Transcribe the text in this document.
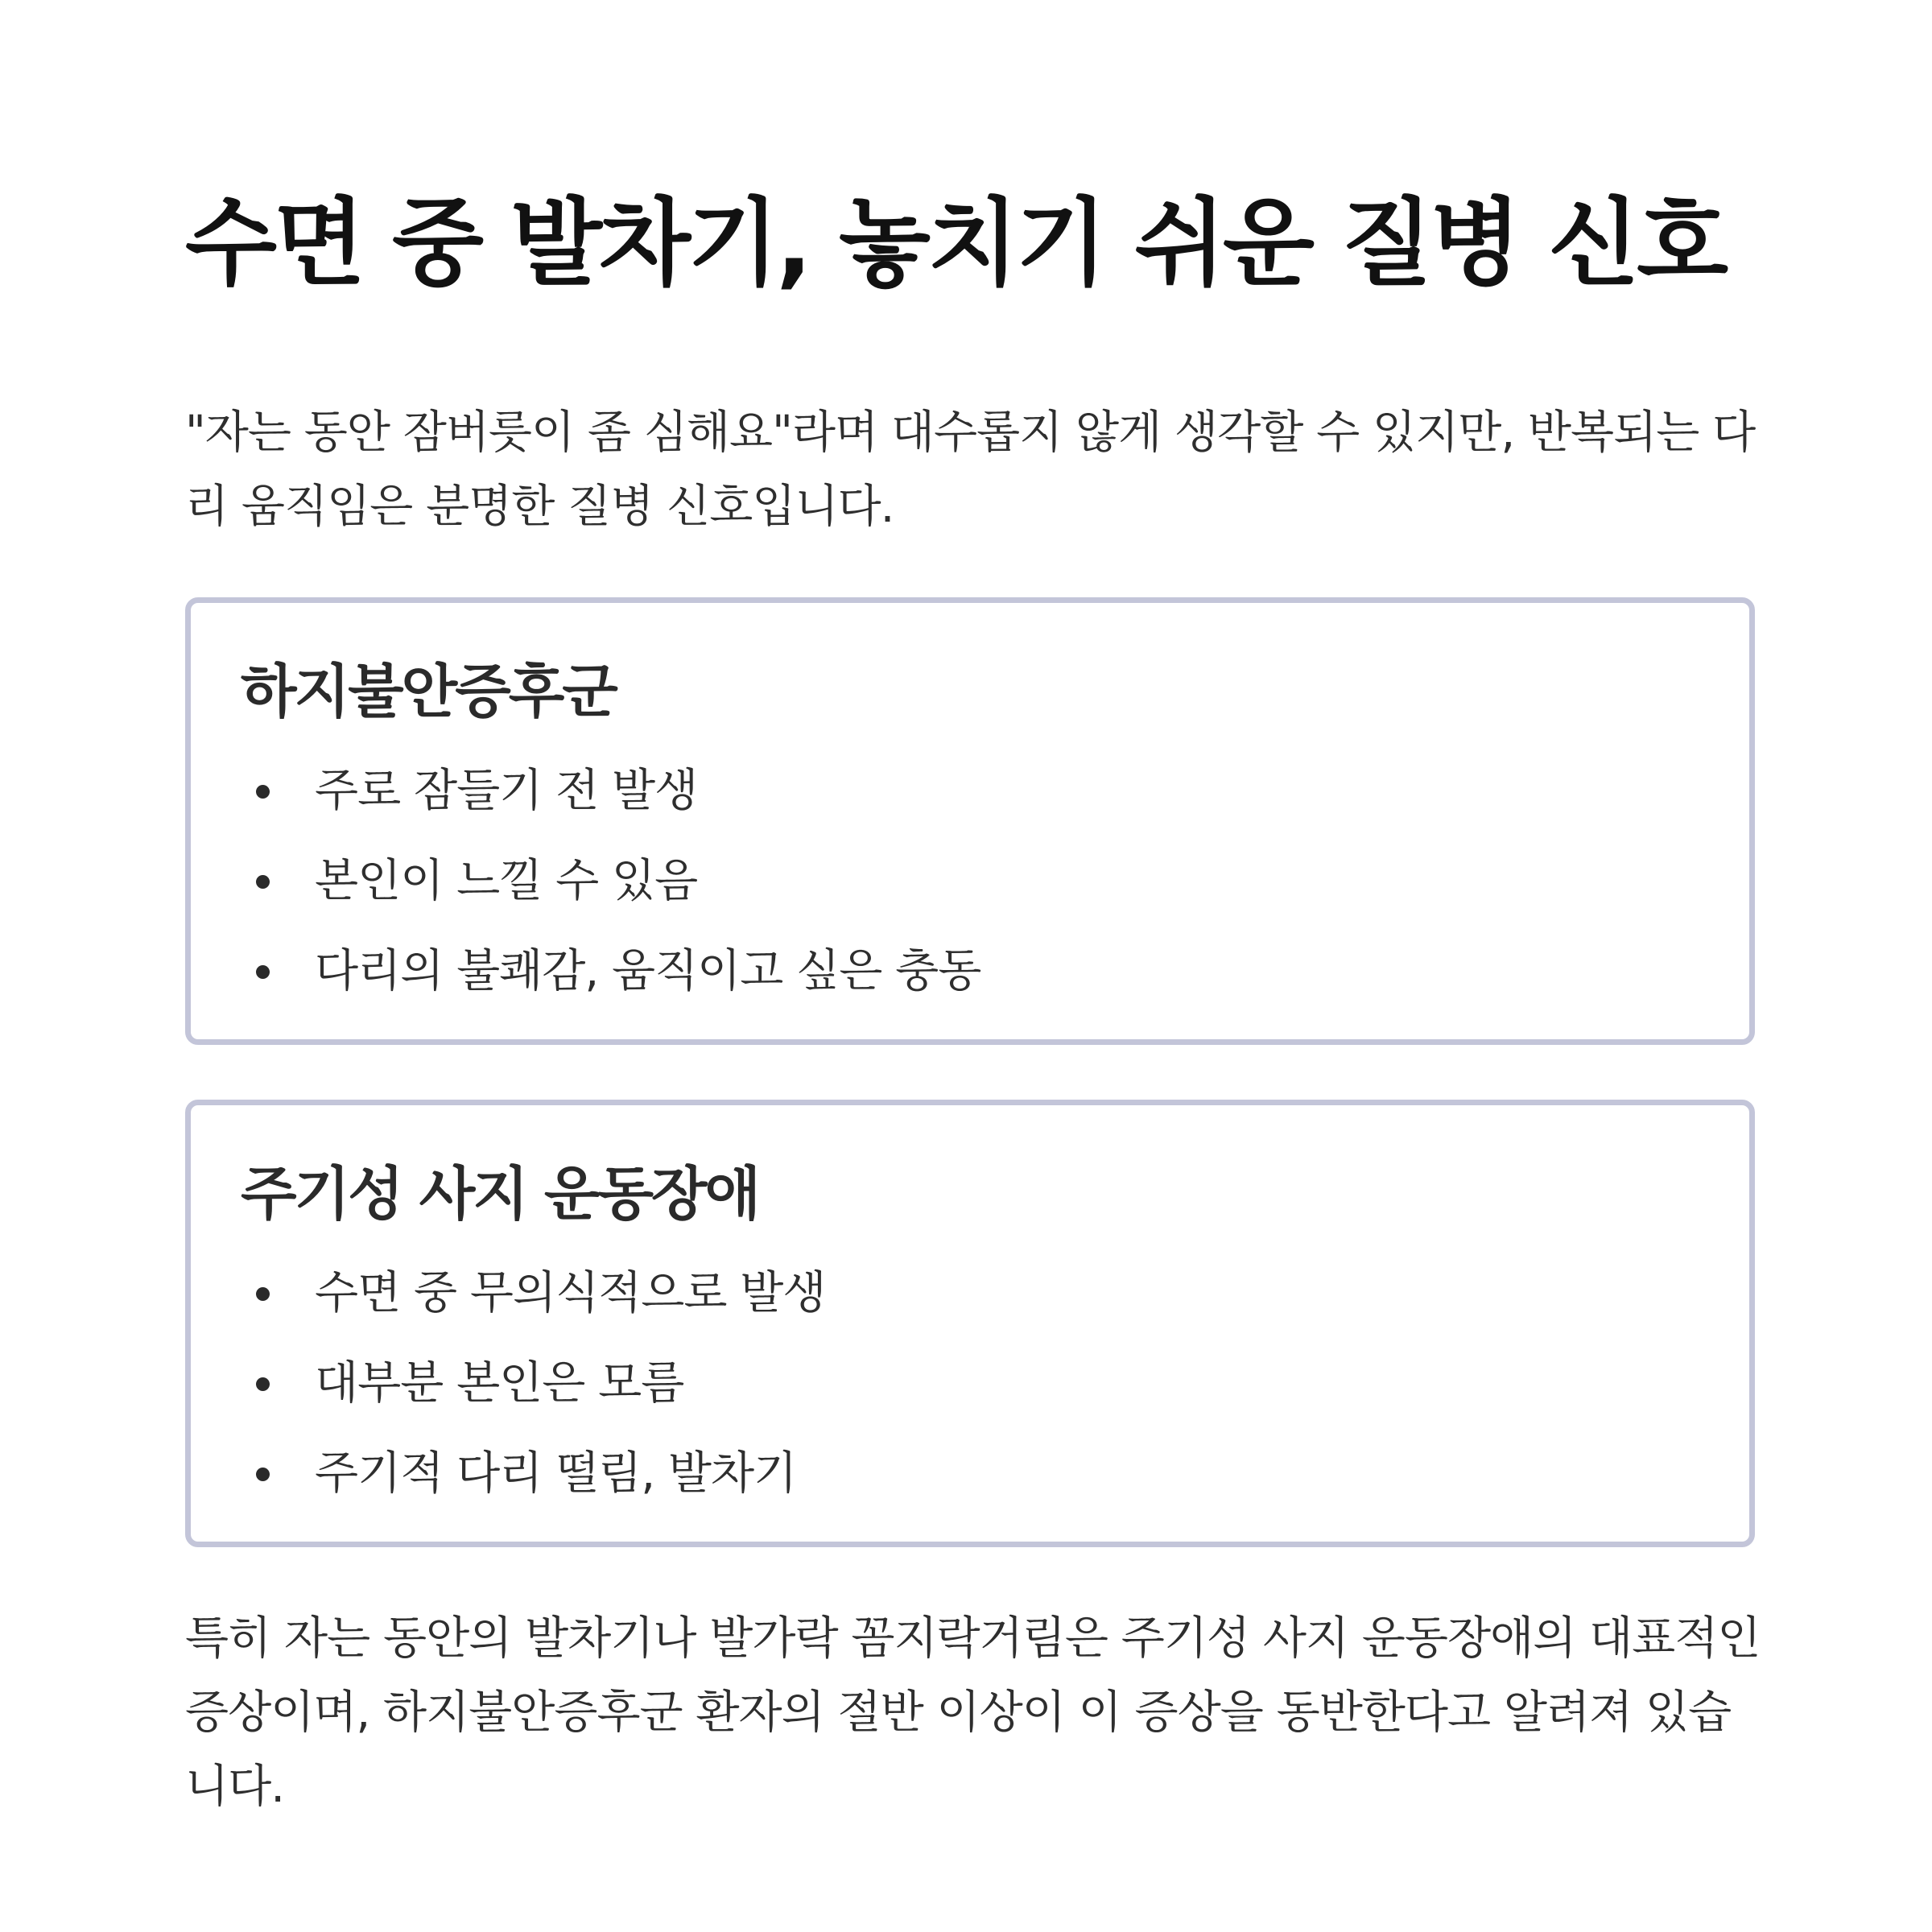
수면 중 발차기, 놓치기 쉬운 질병 신호

"자는 동안 잠버릇이 좀 심해요"라며 대수롭지 않게 생각할 수 있지만, 반복되는 다리 움직임은 분명한 질병 신호입니다.

하지불안증후군
주로 잠들기 전 발생
본인이 느낄 수 있음
다리의 불쾌감, 움직이고 싶은 충동
주기성 사지 운동장애
수면 중 무의식적으로 발생
대부분 본인은 모름
주기적 다리 떨림, 발차기

특히 자는 동안의 발차기나 발가락 꼼지락거림은 주기성 사지 운동장애의 대표적인 증상이며, 하지불안증후군 환자의 절반 이상이 이 증상을 동반한다고 알려져 있습니다.
